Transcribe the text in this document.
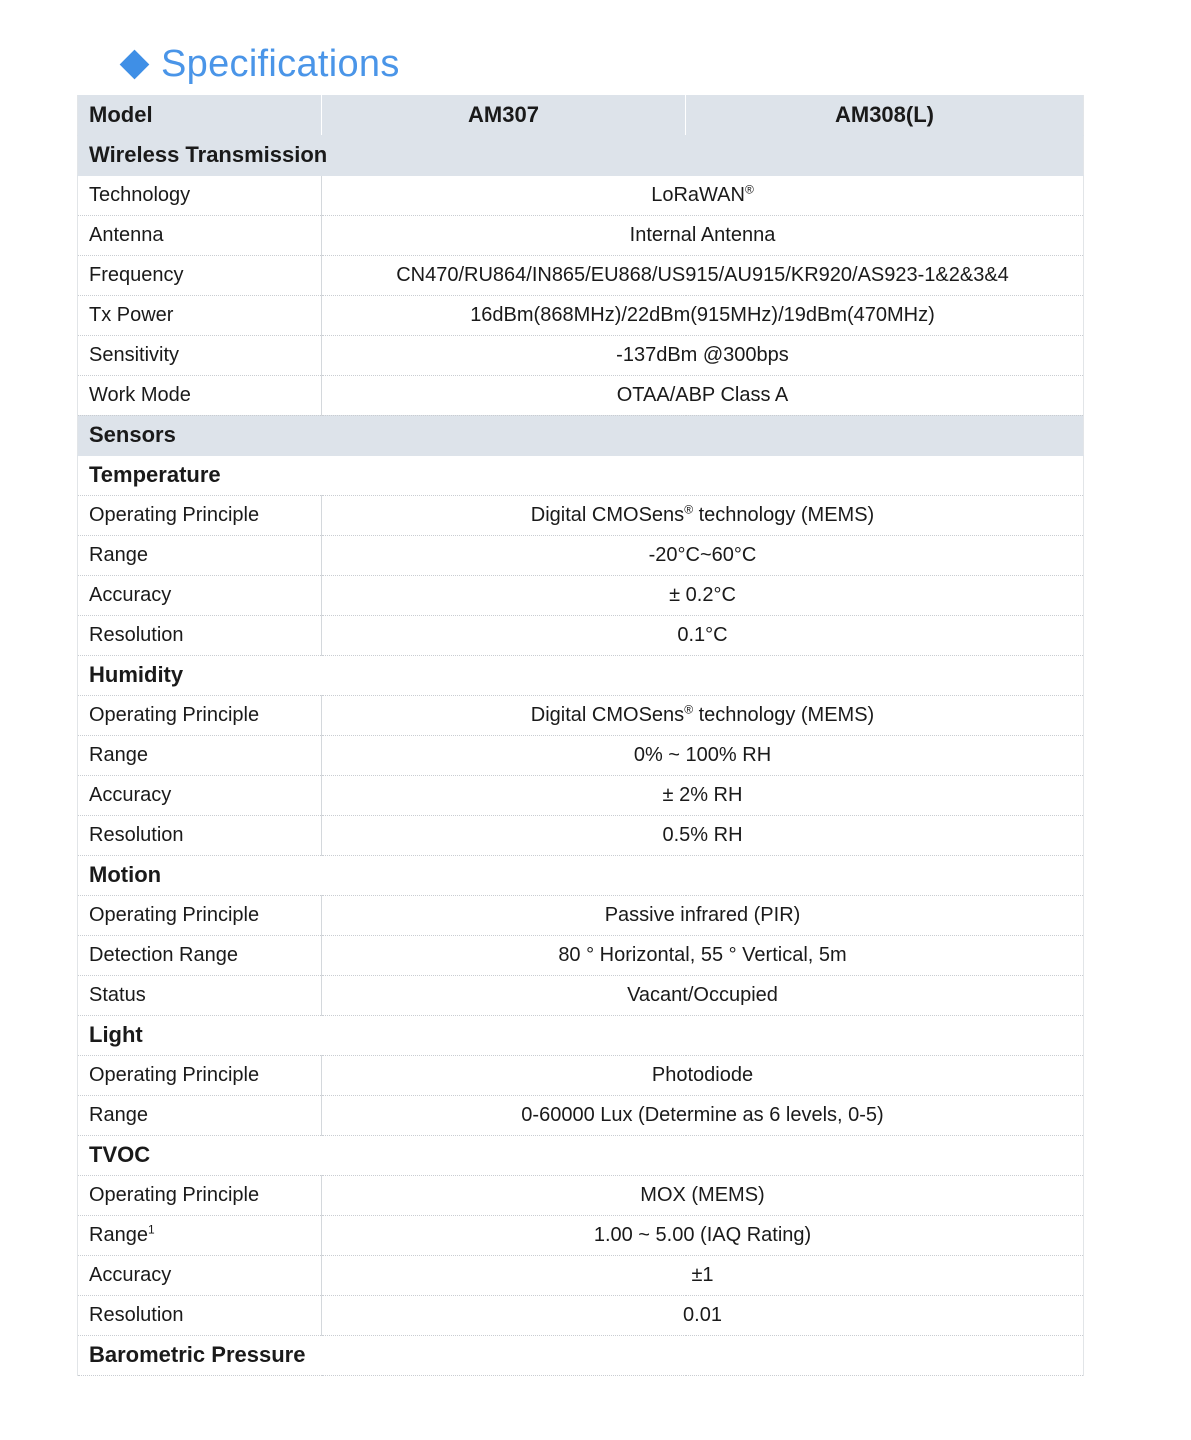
Specifications
Model	AM307	AM308(L)
Wireless Transmission		
Technology	LoRaWAN®
Antenna	Internal Antenna	
Frequency	CN470/RU864/IN865/EU868/US915/AU915/KR920/AS923-1&2&3&4	
Tx Power	16dBm(868MHz)/22dBm(915MHz)/19dBm(470MHz)	
Sensitivity	-137dBm @300bps	
Work Mode	OTAA/ABP Class A	
Sensors		
Temperature		
Operating Principle	Digital CMOSens® technology (MEMS)	
Range	-20°C~60°C	
Accuracy	± 0.2°C	
Resolution	0.1°C	
Humidity		
Operating Principle	Digital CMOSens® technology (MEMS)	
Range	0% ~ 100% RH	
Accuracy	± 2% RH	
Resolution	0.5% RH	
Motion		
Operating Principle	Passive infrared (PIR)	
Detection Range	80 ° Horizontal, 55 ° Vertical, 5m	
Status	Vacant/Occupied	
Light		
Operating Principle	Photodiode	
Range	0-60000 Lux (Determine as 6 levels, 0-5)	
TVOC		
Operating Principle	MOX (MEMS)	
Range$^1$	1.00 ~ 5.00 (IAQ Rating)	
Accuracy	±1	
Resolution	0.01	
Barometric Pressure		
